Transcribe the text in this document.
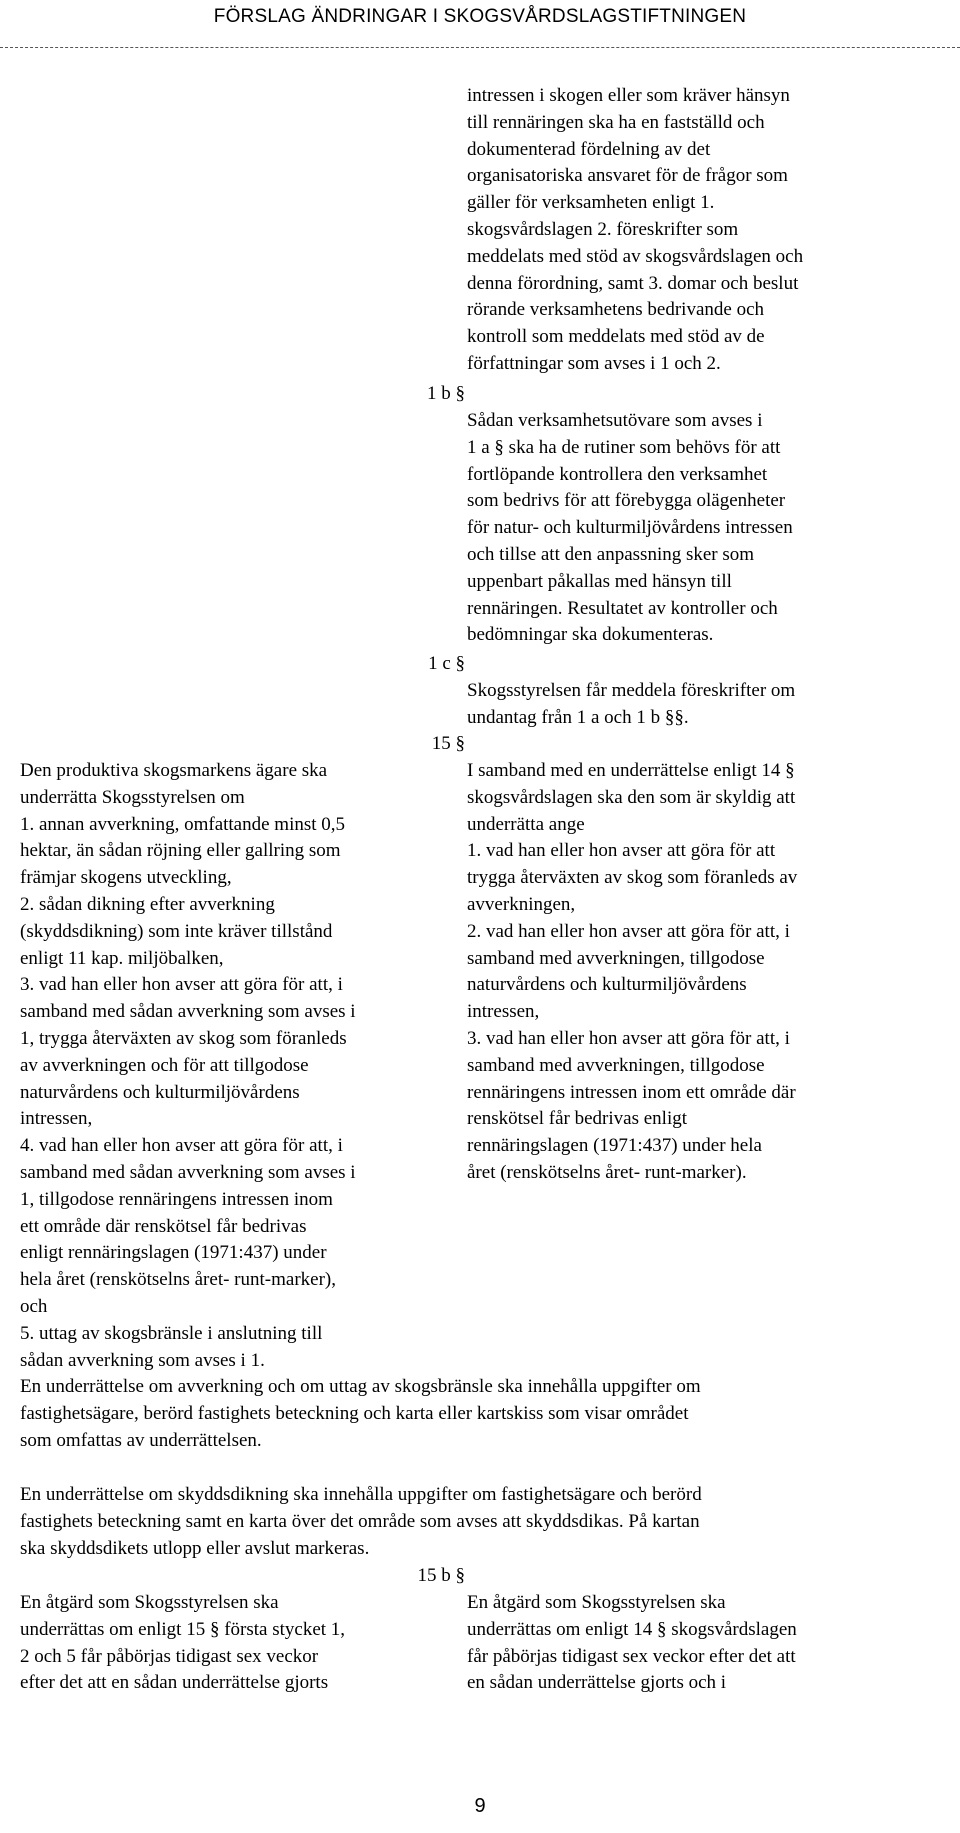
FÖRSLAG ÄNDRINGAR I SKOGSVÅRDSLAGSTIFTNINGEN
intressen i skogen eller som kräver hänsyn
till rennäringen ska ha en fastställd och
dokumenterad fördelning av det
organisatoriska ansvaret för de frågor som
gäller för verksamheten enligt 1.
skogsvårdslagen 2. föreskrifter som
meddelats med stöd av skogsvårdslagen och
denna förordning, samt 3. domar och beslut
rörande verksamhetens bedrivande och
kontroll som meddelats med stöd av de
författningar som avses i 1 och 2.
1 b §
Sådan verksamhetsutövare som avses i
1 a § ska ha de rutiner som behövs för att
fortlöpande kontrollera den verksamhet
som bedrivs för att förebygga olägenheter
för natur- och kulturmiljövårdens intressen
och tillse att den anpassning sker som
uppenbart påkallas med hänsyn till
rennäringen. Resultatet av kontroller och
bedömningar ska dokumenteras.
1 c §
Skogsstyrelsen får meddela föreskrifter om
undantag från 1 a och 1 b §§.
15 §
Den produktiva skogsmarkens ägare ska
underrätta Skogsstyrelsen om
1. annan avverkning, omfattande minst 0,5
hektar, än sådan röjning eller gallring som
främjar skogens utveckling,
2. sådan dikning efter avverkning
(skyddsdikning) som inte kräver tillstånd
enligt 11 kap. miljöbalken,
3. vad han eller hon avser att göra för att, i
samband med sådan avverkning som avses i
1, trygga återväxten av skog som föranleds
av avverkningen och för att tillgodose
naturvårdens och kulturmiljövårdens
intressen,
4. vad han eller hon avser att göra för att, i
samband med sådan avverkning som avses i
1, tillgodose rennäringens intressen inom
ett område där renskötsel får bedrivas
enligt rennäringslagen (1971:437) under
hela året (renskötselns året- runt-marker),
och
5. uttag av skogsbränsle i anslutning till
sådan avverkning som avses i 1.
I samband med en underrättelse enligt 14 §
skogsvårdslagen ska den som är skyldig att
underrätta ange
1. vad han eller hon avser att göra för att
trygga återväxten av skog som föranleds av
avverkningen,
2. vad han eller hon avser att göra för att, i
samband med avverkningen, tillgodose
naturvårdens och kulturmiljövårdens
intressen,
3. vad han eller hon avser att göra för att, i
samband med avverkningen, tillgodose
rennäringens intressen inom ett område där
renskötsel får bedrivas enligt
rennäringslagen (1971:437) under hela
året (renskötselns året- runt-marker).
En underrättelse om avverkning och om uttag av skogsbränsle ska innehålla uppgifter om
fastighetsägare, berörd fastighets beteckning och karta eller kartskiss som visar området
som omfattas av underrättelsen.
En underrättelse om skyddsdikning ska innehålla uppgifter om fastighetsägare och berörd
fastighets beteckning samt en karta över det område som avses att skyddsdikas. På kartan
ska skyddsdikets utlopp eller avslut markeras.
15 b §
En åtgärd som Skogsstyrelsen ska
underrättas om enligt 15 § första stycket 1,
2 och 5 får påbörjas tidigast sex veckor
efter det att en sådan underrättelse gjorts
En åtgärd som Skogsstyrelsen ska
underrättas om enligt 14 § skogsvårdslagen
får påbörjas tidigast sex veckor efter det att
en sådan underrättelse gjorts och i
9
